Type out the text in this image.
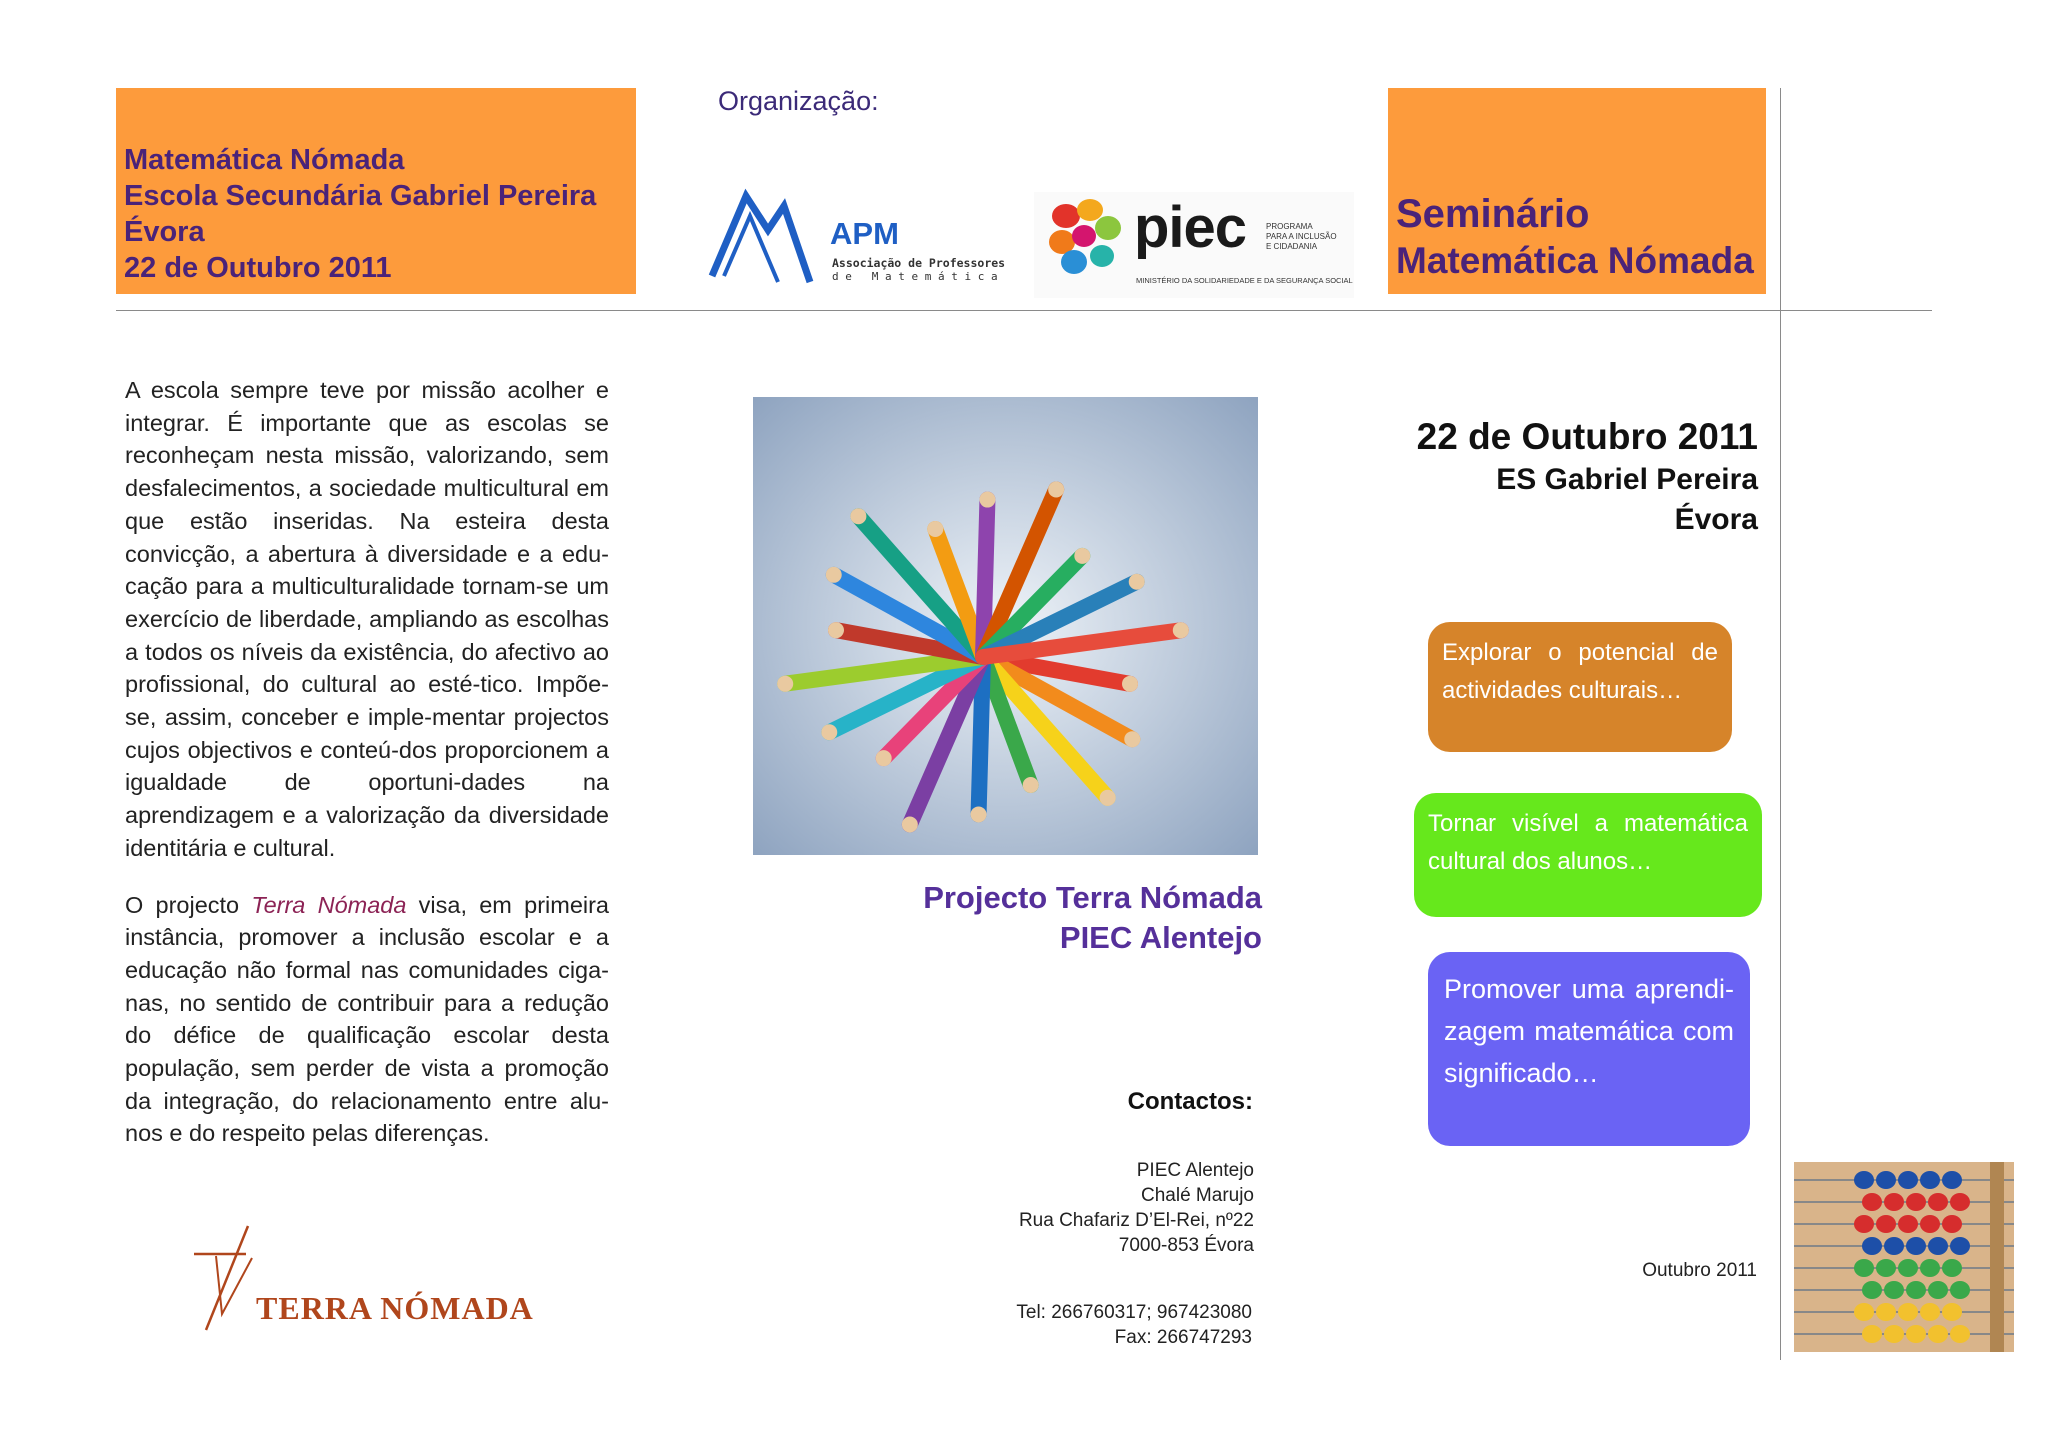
Matemática Nómada
Escola Secundária Gabriel Pereira
Évora
22 de Outubro 2011
Organização:
APM
Associação de Professores
d e   M a t e m á t i c a
piec PROGRAMA
PARA A INCLUSÃO
E CIDADANIA
MINISTÉRIO DA SOLIDARIEDADE E DA SEGURANÇA SOCIAL
Seminário
Matemática Nómada

A escola sempre teve por missão acolher e integrar. É importante que as escolas se reconheçam nesta missão, valorizando, sem desfalecimentos, a sociedade multicultural em que estão inseridas. Na esteira desta convicção, a abertura à diversidade e a edu-cação para a multiculturalidade tornam-se um exercício de liberdade, ampliando as escolhas a todos os níveis da existência, do afectivo ao profissional, do cultural ao esté-tico. Impõe-se, assim, conceber e imple-mentar projectos cujos objectivos e conteú-dos proporcionem a igualdade de oportuni-dades na aprendizagem e a valorização da diversidade identitária e cultural.

O projecto Terra Nómada visa, em primeira instância, promover a inclusão escolar e a educação não formal nas comunidades ciga-nas, no sentido de contribuir para a redução do défice de qualificação escolar desta população, sem perder de vista a promoção da integração, do relacionamento entre alu-nos e do respeito pelas diferenças.

TERRA NÓMADA
Projecto Terra Nómada
PIEC Alentejo
Contactos:
PIEC Alentejo
Chalé Marujo
Rua Chafariz D’El-Rei, nº22
7000-853 Évora
Tel: 266760317; 967423080
Fax: 266747293
22 de Outubro 2011
ES Gabriel Pereira
Évora
Explorar o potencial de actividades culturais…
Tornar visível a matemática cultural dos alunos…
Promover uma aprendi-zagem matemática com significado…
Outubro 2011
